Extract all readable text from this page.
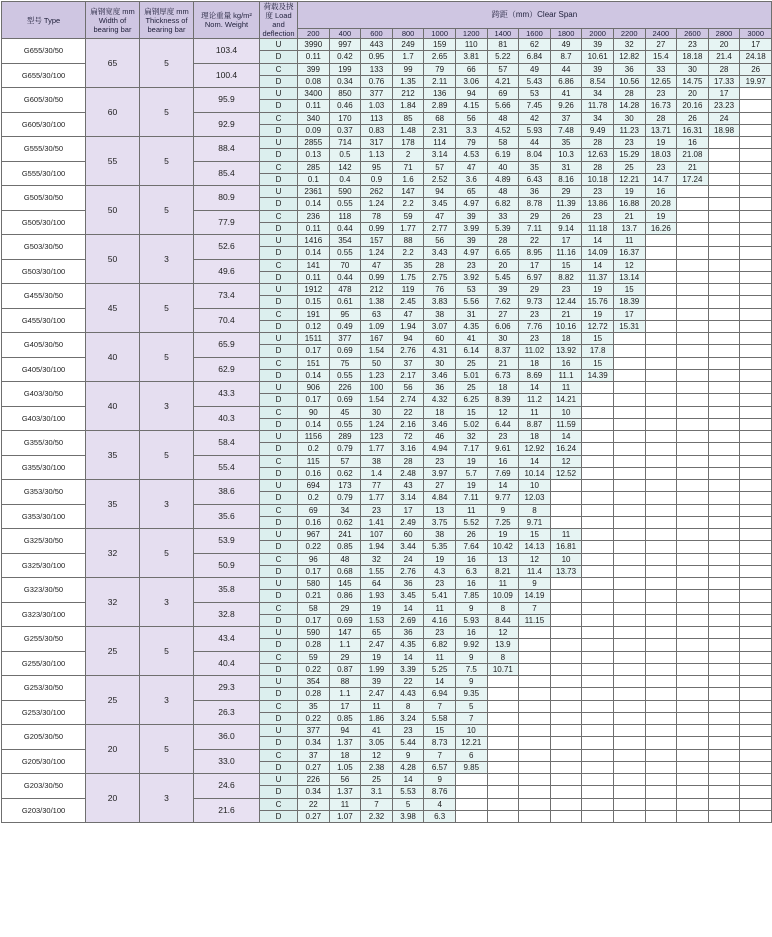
型号 Type	扁钢宽度 mm Width of bearing bar	扁钢厚度 mm Thickness of bearing bar	理论重量 kg/m² Nom. Weight	荷载及挠度 Load and deflection	跨距（mm）Clear Span														
					200	400	600	800	1000	1200	1400	1600	1800	2000	2200	2400	2600	2800	3000
G655/30/50	65	5	103.4	U	3990	997	443	249	159	110	81	62	49	39	32	27	23	20	17
				D	0.11	0.42	0.95	1.7	2.65	3.81	5.22	6.84	8.7	10.61	12.82	15.4	18.18	21.4	24.18
G655/30/100			100.4	C	399	199	133	99	79	66	57	49	44	39	36	33	30	28	26
				D	0.08	0.34	0.76	1.35	2.11	3.06	4.21	5.43	6.86	8.54	10.56	12.65	14.75	17.33	19.97
G605/30/50	60	5	95.9	U	3400	850	377	212	136	94	69	53	41	34	28	23	20	17	
				D	0.11	0.46	1.03	1.84	2.89	4.15	5.66	7.45	9.26	11.78	14.28	16.73	20.16	23.23	
G605/30/100			92.9	C	340	170	113	85	68	56	48	42	37	34	30	28	26	24	
				D	0.09	0.37	0.83	1.48	2.31	3.3	4.52	5.93	7.48	9.49	11.23	13.71	16.31	18.98	
G555/30/50	55	5	88.4	U	2855	714	317	178	114	79	58	44	35	28	23	19	16		
				D	0.13	0.5	1.13	2	3.14	4.53	6.19	8.04	10.3	12.63	15.29	18.03	21.08		
G555/30/100			85.4	C	285	142	95	71	57	47	40	35	31	28	25	23	21		
				D	0.1	0.4	0.9	1.6	2.52	3.6	4.89	6.43	8.16	10.18	12.21	14.7	17.24		
G505/30/50	50	5	80.9	U	2361	590	262	147	94	65	48	36	29	23	19	16			
				D	0.14	0.55	1.24	2.2	3.45	4.97	6.82	8.78	11.39	13.86	16.88	20.28			
G505/30/100			77.9	C	236	118	78	59	47	39	33	29	26	23	21	19			
				D	0.11	0.44	0.99	1.77	2.77	3.99	5.39	7.11	9.14	11.18	13.7	16.26			
G503/30/50	50	3	52.6	U	1416	354	157	88	56	39	28	22	17	14	11				
				D	0.14	0.55	1.24	2.2	3.43	4.97	6.65	8.95	11.16	14.09	16.37				
G503/30/100			49.6	C	141	70	47	35	28	23	20	17	15	14	12				
				D	0.11	0.44	0.99	1.75	2.75	3.92	5.45	6.97	8.82	11.37	13.14				
G455/30/50	45	5	73.4	U	1912	478	212	119	76	53	39	29	23	19	15				
				D	0.15	0.61	1.38	2.45	3.83	5.56	7.62	9.73	12.44	15.76	18.39				
G455/30/100			70.4	C	191	95	63	47	38	31	27	23	21	19	17				
				D	0.12	0.49	1.09	1.94	3.07	4.35	6.06	7.76	10.16	12.72	15.31				
G405/30/50	40	5	65.9	U	1511	377	167	94	60	41	30	23	18	15					
				D	0.17	0.69	1.54	2.76	4.31	6.14	8.37	11.02	13.92	17.8					
G405/30/100			62.9	C	151	75	50	37	30	25	21	18	16	15					
				D	0.14	0.55	1.23	2.17	3.46	5.01	6.73	8.69	11.1	14.39					
G403/30/50	40	3	43.3	U	906	226	100	56	36	25	18	14	11						
				D	0.17	0.69	1.54	2.74	4.32	6.25	8.39	11.2	14.21						
G403/30/100			40.3	C	90	45	30	22	18	15	12	11	10						
				D	0.14	0.55	1.24	2.16	3.46	5.02	6.44	8.87	11.59						
G355/30/50	35	5	58.4	U	1156	289	123	72	46	32	23	18	14						
				D	0.2	0.79	1.77	3.16	4.94	7.17	9.61	12.92	16.24						
G355/30/100			55.4	C	115	57	38	28	23	19	16	14	12						
				D	0.16	0.62	1.4	2.48	3.97	5.7	7.69	10.14	12.52						
G353/30/50	35	3	38.6	U	694	173	77	43	27	19	14	10							
				D	0.2	0.79	1.77	3.14	4.84	7.11	9.77	12.03							
G353/30/100			35.6	C	69	34	23	17	13	11	9	8							
				D	0.16	0.62	1.41	2.49	3.75	5.52	7.25	9.71							
G325/30/50	32	5	53.9	U	967	241	107	60	38	26	19	15	11						
				D	0.22	0.85	1.94	3.44	5.35	7.64	10.42	14.13	16.81						
G325/30/100			50.9	C	96	48	32	24	19	16	13	12	10						
				D	0.17	0.68	1.55	2.76	4.3	6.3	8.21	11.4	13.73						
G323/30/50	32	3	35.8	U	580	145	64	36	23	16	11	9							
				D	0.21	0.86	1.93	3.45	5.41	7.85	10.09	14.19							
G323/30/100			32.8	C	58	29	19	14	11	9	8	7							
				D	0.17	0.69	1.53	2.69	4.16	5.93	8.44	11.15							
G255/30/50	25	5	43.4	U	590	147	65	36	23	16	12								
				D	0.28	1.1	2.47	4.35	6.82	9.92	13.9								
G255/30/100			40.4	C	59	29	19	14	11	9	8								
				D	0.22	0.87	1.99	3.39	5.25	7.5	10.71								
G253/30/50	25	3	29.3	U	354	88	39	22	14	9									
				D	0.28	1.1	2.47	4.43	6.94	9.35									
G253/30/100			26.3	C	35	17	11	8	7	5									
				D	0.22	0.85	1.86	3.24	5.58	7									
G205/30/50	20	5	36.0	U	377	94	41	23	15	10									
				D	0.34	1.37	3.05	5.44	8.73	12.21									
G205/30/100			33.0	C	37	18	12	9	7	6									
				D	0.27	1.05	2.38	4.28	6.57	9.85									
G203/30/50	20	3	24.6	U	226	56	25	14	9										
				D	0.34	1.37	3.1	5.53	8.76										
G203/30/100			21.6	C	22	11	7	5	4										
				D	0.27	1.07	2.32	3.98	6.3										
